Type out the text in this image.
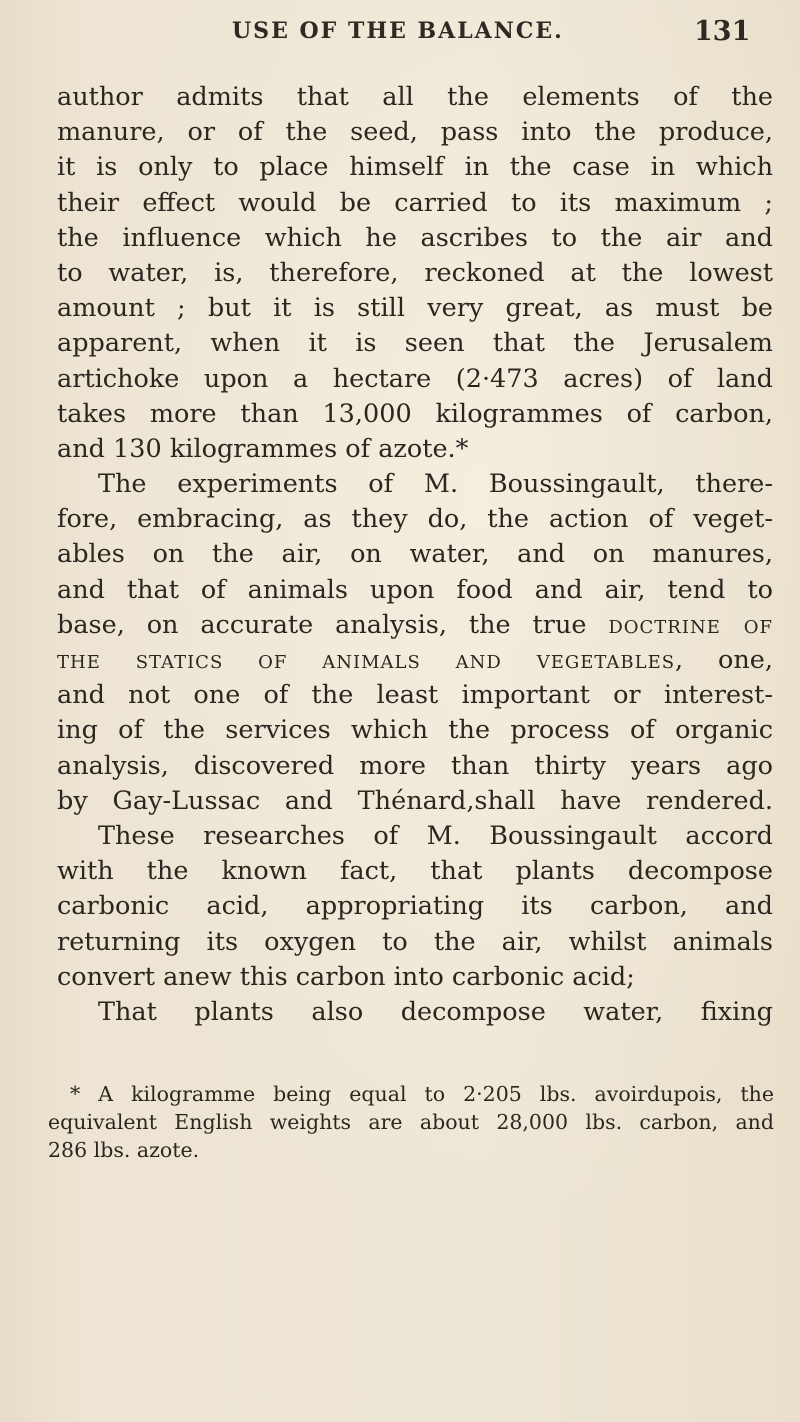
USE OF THE BALANCE.	131
author admits that all the elements of the
manure, or of the seed, pass into the produce,
it is only to place himself in the case in which
their effect would be carried to its maximum ;
the influence which he ascribes to the air and
to water, is, therefore, reckoned at the lowest
amount ; but it is still very great, as must be
apparent, when it is seen that the Jerusalem
artichoke upon a hectare (2·473 acres) of land
takes more than 13,000 kilogrammes of carbon,
and 130 kilogrammes of azote.*
The experiments of M. Boussingault, there-
fore, embracing, as they do, the action of veget-
ables on the air, on water, and on manures,
and that of animals upon food and air, tend to
base, on accurate analysis, the true doctrine of
the statics of animals and vegetables, one,
and not one of the least important or interest-
ing of the services which the process of organic
analysis, discovered more than thirty years ago
by Gay-Lussac and Thénard,shall have rendered.
These researches of M. Boussingault accord
with the known fact, that plants decompose
carbonic acid, appropriating its carbon, and
returning its oxygen to the air, whilst animals
convert anew this carbon into carbonic acid;
That plants also decompose water, fixing
* A kilogramme being equal to 2·205 lbs. avoirdupois, the
equivalent English weights are about 28,000 lbs. carbon, and
286 lbs. azote.
